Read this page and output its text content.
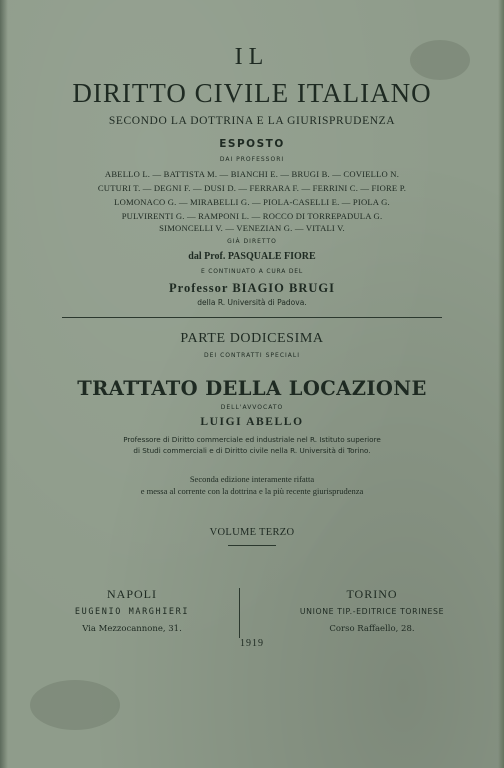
IL
DIRITTO CIVILE ITALIANO
SECONDO LA DOTTRINA E LA GIURISPRUDENZA
ESPOSTO
DAI PROFESSORI
ABELLO L. — BATTISTA M. — BIANCHI E. — BRUGI B. — COVIELLO N.
CUTURI T. — DEGNI F. — DUSI D. — FERRARA F. — FERRINI C. — FIORE P.
LOMONACO G. — MIRABELLI G. — PIOLA-CASELLI E. — PIOLA G.
PULVIRENTI G. — RAMPONI L. — ROCCO DI TORREPADULA G.
SIMONCELLI V. — VENEZIAN G. — VITALI V.
GIÀ DIRETTO
dal Prof. PASQUALE FIORE
E CONTINUATO A CURA DEL
Professor BIAGIO BRUGI
della R. Università di Padova.
PARTE DODICESIMA
DEI CONTRATTI SPECIALI
TRATTATO DELLA LOCAZIONE
DELL'AVVOCATO
LUIGI ABELLO
Professore di Diritto commerciale ed industriale nel R. Istituto superiore
di Studi commerciali e di Diritto civile nella R. Università di Torino.
Seconda edizione interamente rifatta
e messa al corrente con la dottrina e la più recente giurisprudenza
VOLUME TERZO
NAPOLI	TORINO
EUGENIO MARGHIERI	UNIONE TIP.-EDITRICE TORINESE
Via Mezzocannone, 31.	Corso Raffaello, 28.
1919
